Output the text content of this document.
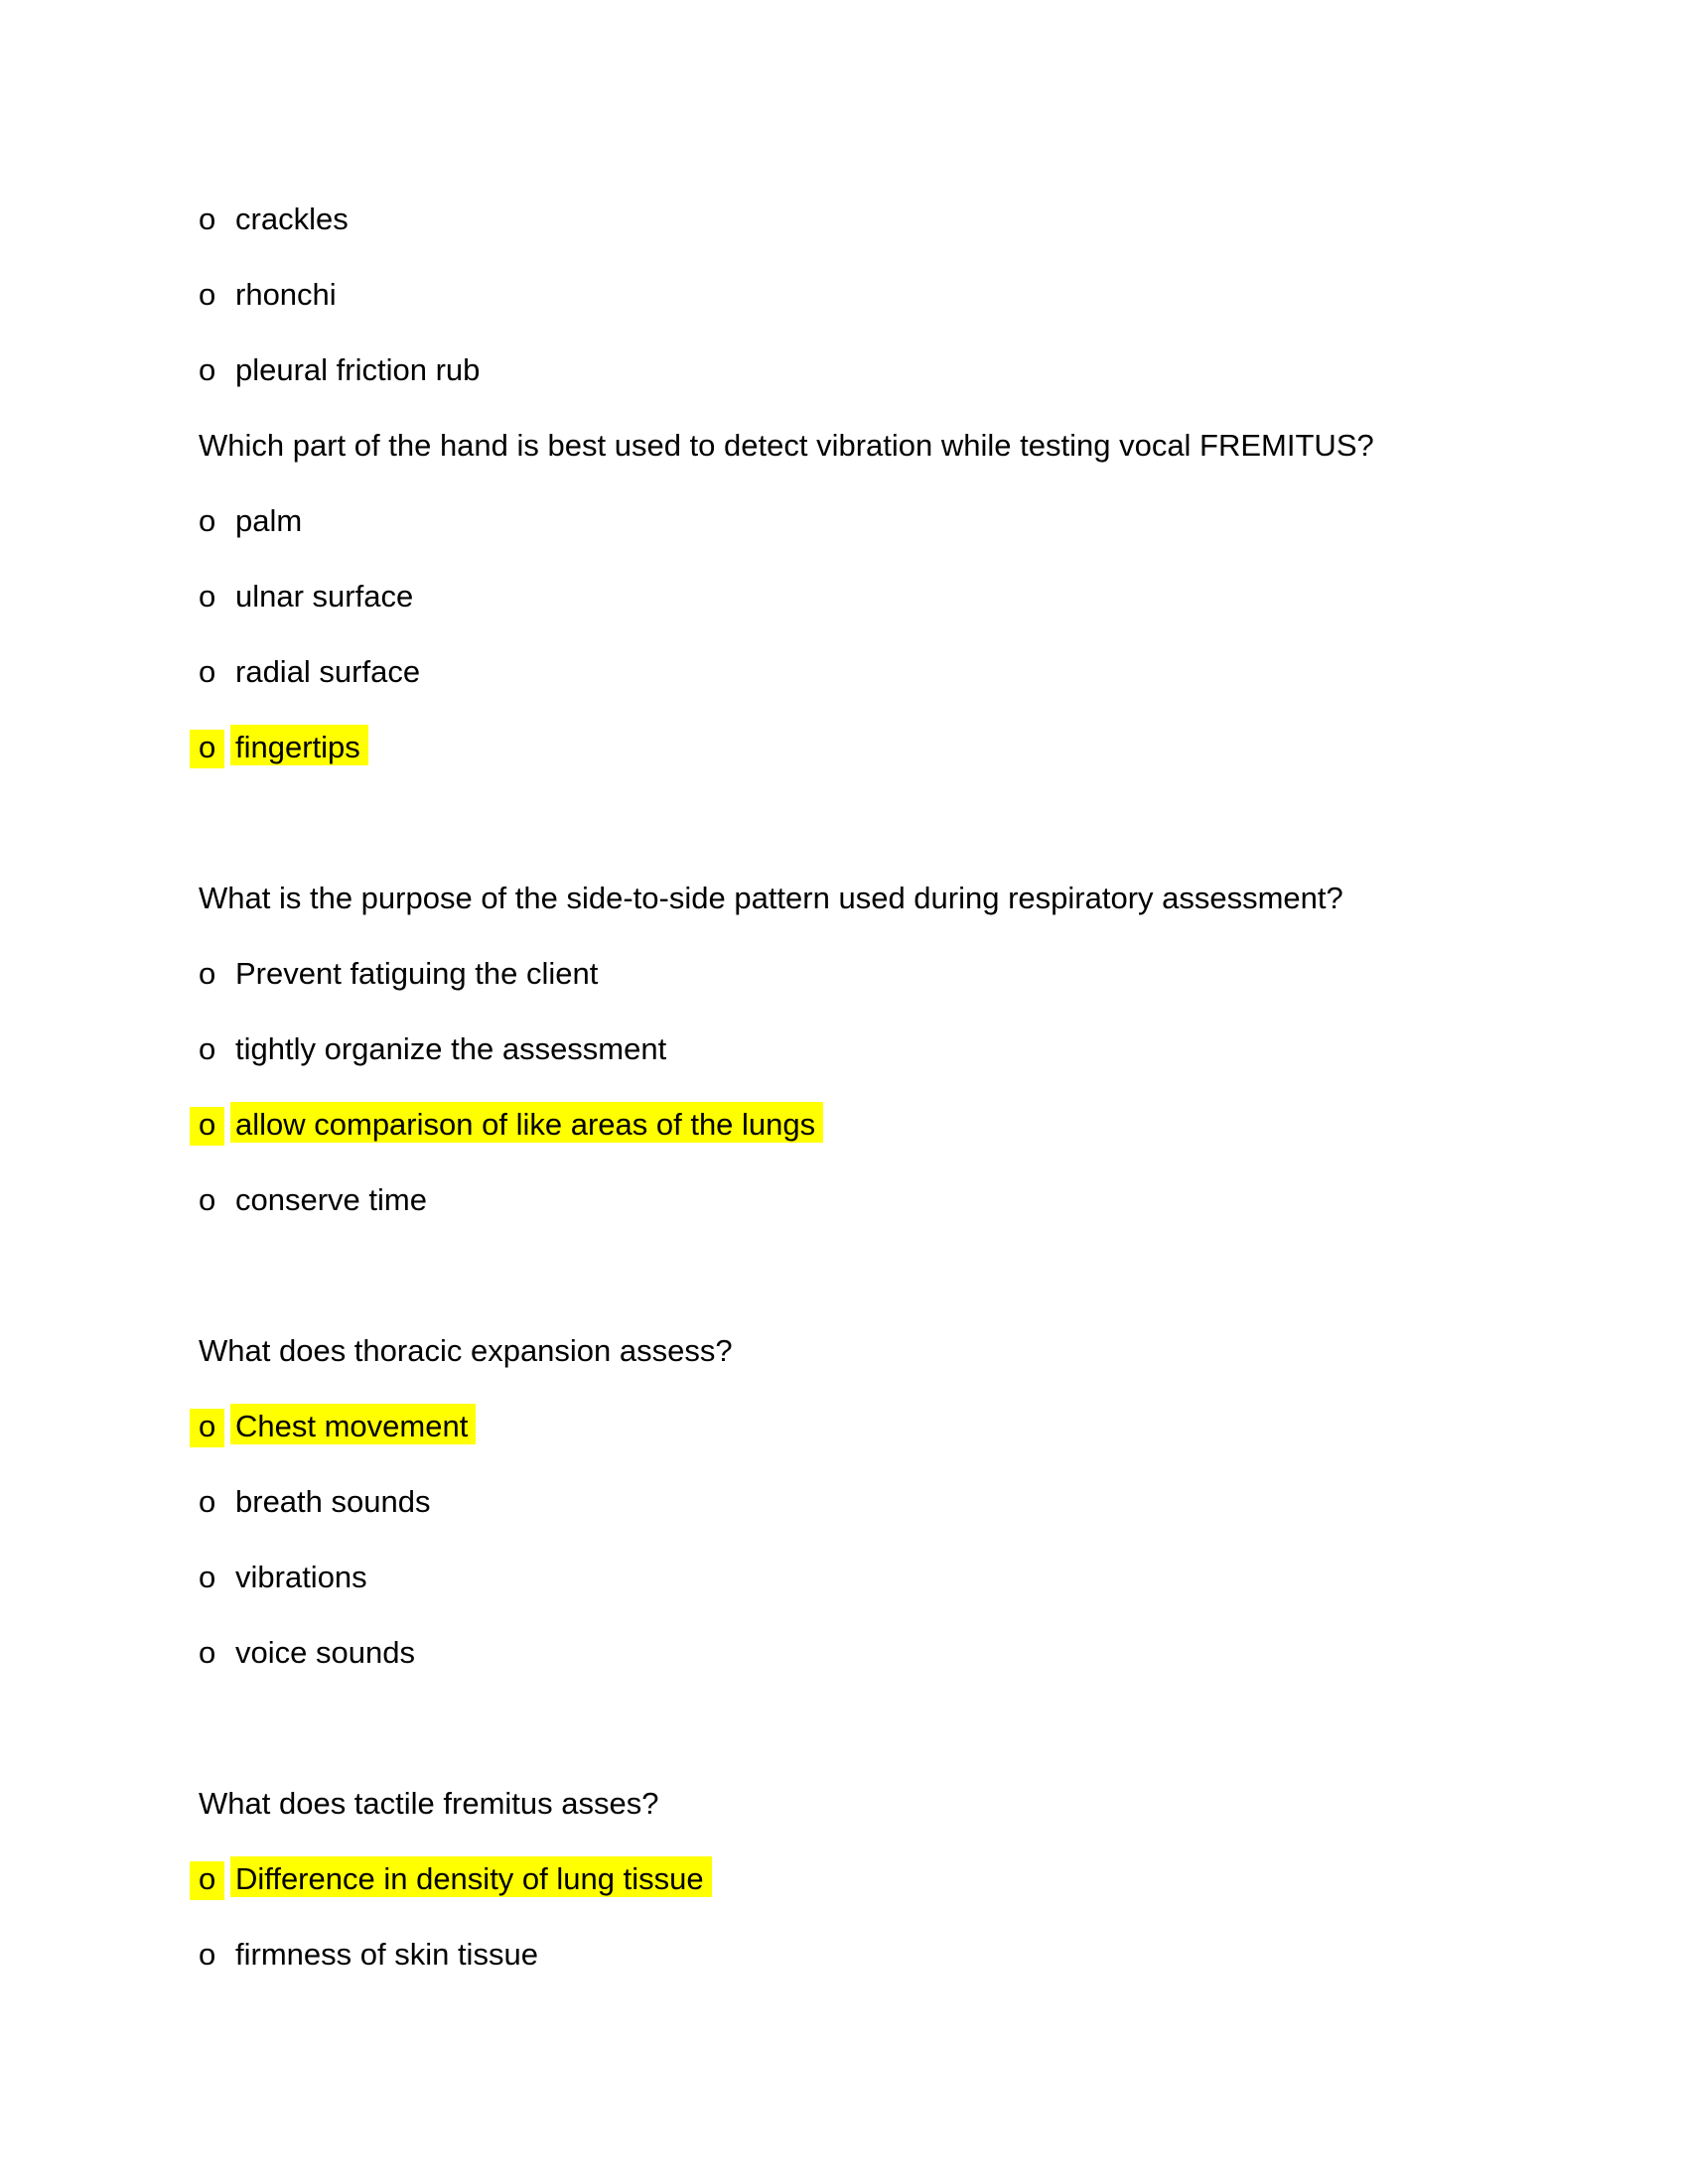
o crackles
o rhonchi
o pleural friction rub
Which part of the hand is best used to detect vibration while testing vocal FREMITUS?
o palm
o ulnar surface
o radial surface
o fingertips
What is the purpose of the side-to-side pattern used during respiratory assessment?
o Prevent fatiguing the client
o tightly organize the assessment
o allow comparison of like areas of the lungs
o conserve time
What does thoracic expansion assess?
o Chest movement
o breath sounds
o vibrations
o voice sounds
What does tactile fremitus asses?
o Difference in density of lung tissue
o firmness of skin tissue
